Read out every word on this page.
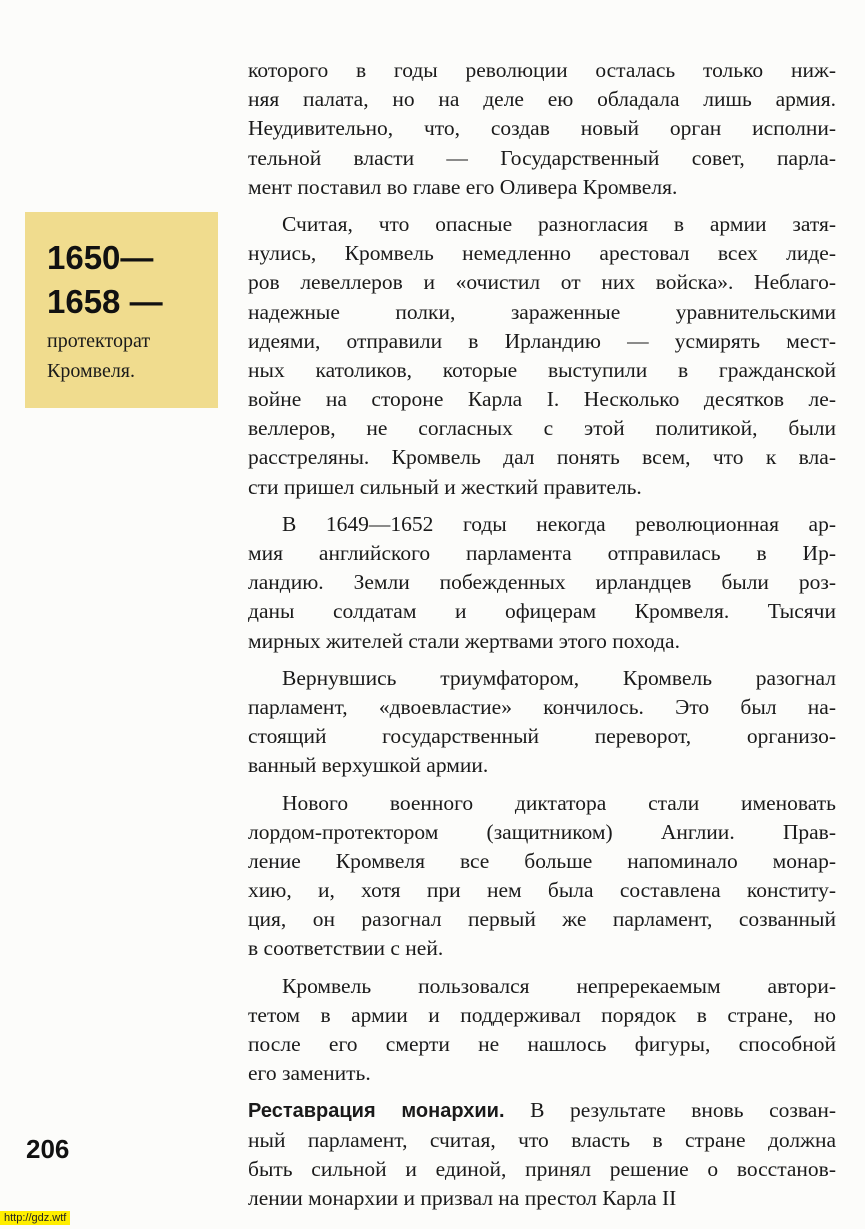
1650—
1658 —
протекторат
Кромвеля.
которого в годы революции осталась только ниж-
няя палата, но на деле ею обладала лишь армия.
Неудивительно, что, создав новый орган исполни-
тельной власти — Государственный совет, парла-
мент поставил во главе его Оливера Кромвеля.
Считая, что опасные разногласия в армии затя-
нулись, Кромвель немедленно арестовал всех лиде-
ров левеллеров и «очистил от них войска». Неблаго-
надежные полки, зараженные уравнительскими
идеями, отправили в Ирландию — усмирять мест-
ных католиков, которые выступили в гражданской
войне на стороне Карла I. Несколько десятков ле-
веллеров, не согласных с этой политикой, были
расстреляны. Кромвель дал понять всем, что к вла-
сти пришел сильный и жесткий правитель.
В 1649—1652 годы некогда революционная ар-
мия английского парламента отправилась в Ир-
ландию. Земли побежденных ирландцев были роз-
даны солдатам и офицерам Кромвеля. Тысячи
мирных жителей стали жертвами этого похода.
Вернувшись триумфатором, Кромвель разогнал
парламент, «двоевластие» кончилось. Это был на-
стоящий государственный переворот, организо-
ванный верхушкой армии.
Нового военного диктатора стали именовать
лордом-протектором (защитником) Англии. Прав-
ление Кромвеля все больше напоминало монар-
хию, и, хотя при нем была составлена конститу-
ция, он разогнал первый же парламент, созванный
в соответствии с ней.
Кромвель пользовался непререкаемым автори-
тетом в армии и поддерживал порядок в стране, но
после его смерти не нашлось фигуры, способной
его заменить.
Реставрация монархии. В результате вновь созван-
ный парламент, считая, что власть в стране должна
быть сильной и единой, принял решение о восстанов-
лении монархии и призвал на престол Карла II
206
http://gdz.wtf
